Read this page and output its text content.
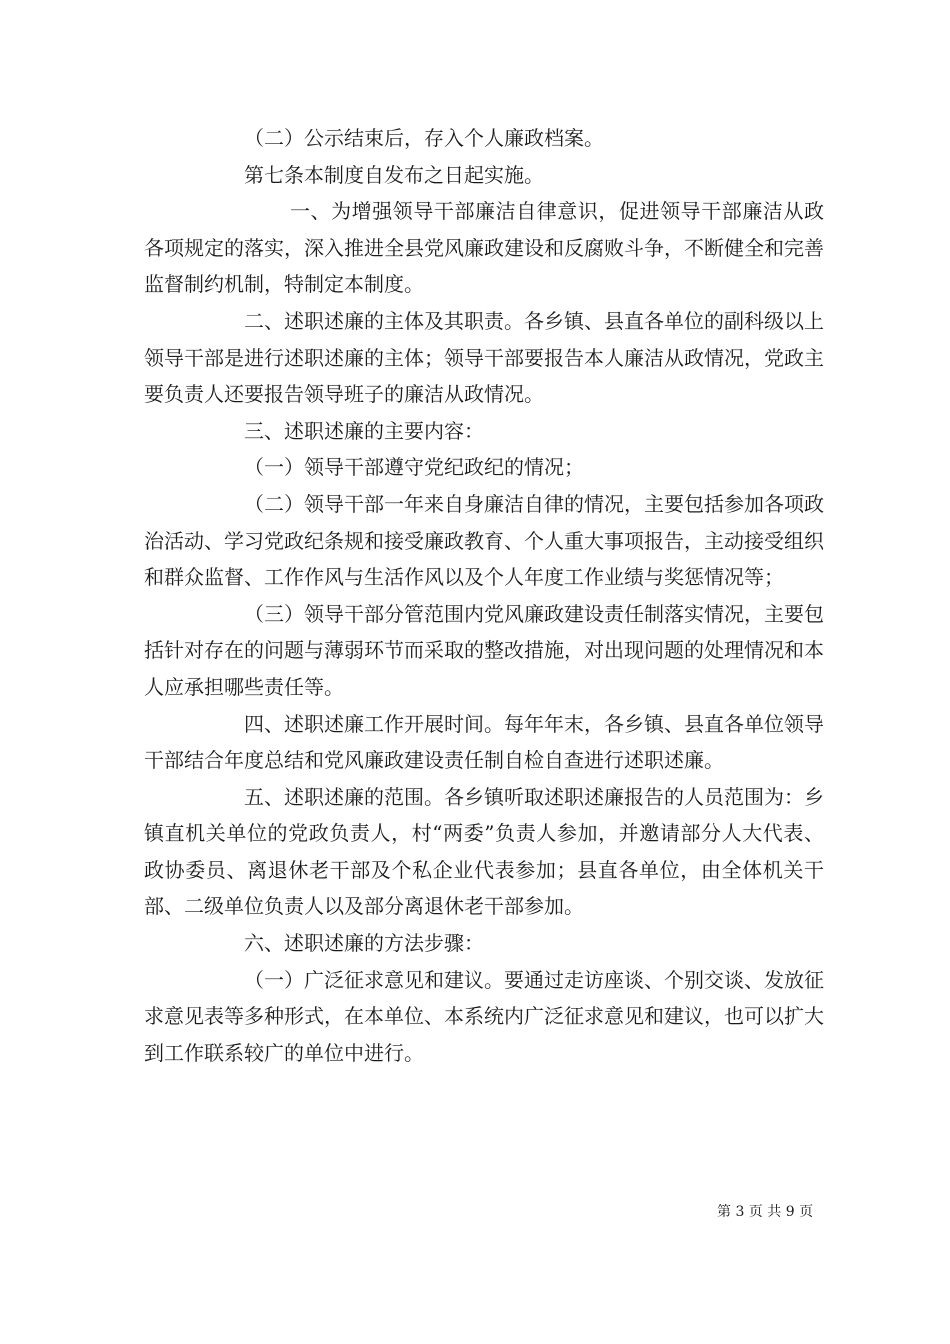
（二）公示结束后，存入个人廉政档案。

第七条本制度自发布之日起实施。

一、为增强领导干部廉洁自律意识，促进领导干部廉洁从政各项规定的落实，深入推进全县党风廉政建设和反腐败斗争，不断健全和完善监督制约机制，特制定本制度。

二、述职述廉的主体及其职责。各乡镇、县直各单位的副科级以上领导干部是进行述职述廉的主体；领导干部要报告本人廉洁从政情况，党政主要负责人还要报告领导班子的廉洁从政情况。

三、述职述廉的主要内容：

（一）领导干部遵守党纪政纪的情况；

（二）领导干部一年来自身廉洁自律的情况，主要包括参加各项政治活动、学习党政纪条规和接受廉政教育、个人重大事项报告，主动接受组织和群众监督、工作作风与生活作风以及个人年度工作业绩与奖惩情况等；

（三）领导干部分管范围内党风廉政建设责任制落实情况，主要包括针对存在的问题与薄弱环节而采取的整改措施，对出现问题的处理情况和本人应承担哪些责任等。

四、述职述廉工作开展时间。每年年末，各乡镇、县直各单位领导干部结合年度总结和党风廉政建设责任制自检自查进行述职述廉。

五、述职述廉的范围。各乡镇听取述职述廉报告的人员范围为：乡镇直机关单位的党政负责人，村“两委”负责人参加，并邀请部分人大代表、政协委员、离退休老干部及个私企业代表参加；县直各单位，由全体机关干部、二级单位负责人以及部分离退休老干部参加。

六、述职述廉的方法步骤：

（一）广泛征求意见和建议。要通过走访座谈、个别交谈、发放征求意见表等多种形式，在本单位、本系统内广泛征求意见和建议，也可以扩大到工作联系较广的单位中进行。

第 3 页 共 9 页
